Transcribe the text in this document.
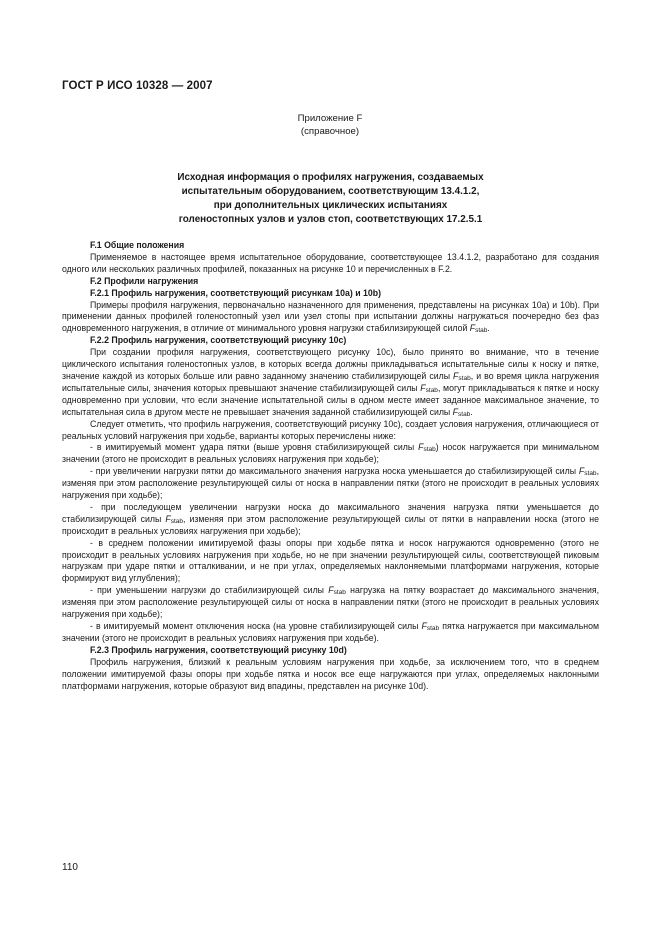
ГОСТ Р ИСО 10328 — 2007
Приложение F
(справочное)
Исходная информация о профилях нагружения, создаваемых
испытательным оборудованием, соответствующим 13.4.1.2,
при дополнительных циклических испытаниях
голеностопных узлов и узлов стоп, соответствующих 17.2.5.1

F.1 Общие положения

Применяемое в настоящее время испытательное оборудование, соответствующее 13.4.1.2, разработано для создания одного или нескольких различных профилей, показанных на рисунке 10 и перечисленных в F.2.

F.2 Профили нагружения

F.2.1 Профиль нагружения, соответствующий рисункам 10a) и 10b)

Примеры профиля нагружения, первоначально назначенного для применения, представлены на рисунках 10a) и 10b). При применении данных профилей голеностопный узел или узел стопы при испытании должны нагружаться поочередно без фаз одновременного нагружения, в отличие от минимального уровня нагрузки стабилизирующей силой $F_{stab}$.

F.2.2 Профиль нагружения, соответствующий рисунку 10c)

При создании профиля нагружения, соответствующего рисунку 10c), было принято во внимание, что в течение циклического испытания голеностопных узлов, в которых всегда должны прикладываться испытательные силы к носку и пятке, значение каждой из которых больше или равно заданному значению стабилизирующей силы $F_{stab}$, и во время цикла нагружения испытательные силы, значения которых превышают значение стабилизирующей силы $F_{stab}$, могут прикладываться к пятке и носку одновременно при условии, что если значение испытательной силы в одном месте имеет заданное максимальное значение, то испытательная сила в другом месте не превышает значения заданной стабилизирующей силы $F_{stab}$.

Следует отметить, что профиль нагружения, соответствующий рисунку 10c), создает условия нагружения, отличающиеся от реальных условий нагружения при ходьбе, варианты которых перечислены ниже:

- в имитируемый момент удара пятки (выше уровня стабилизирующей силы $F_{stab}$) носок нагружается при минимальном значении (этого не происходит в реальных условиях нагружения при ходьбе);

- при увеличении нагрузки пятки до максимального значения нагрузка носка уменьшается до стабилизирующей силы $F_{stab}$, изменяя при этом расположение результирующей силы от носка в направлении пятки (этого не происходит в реальных условиях нагружения при ходьбе);

- при последующем увеличении нагрузки носка до максимального значения нагрузка пятки уменьшается до стабилизирующей силы $F_{stab}$, изменяя при этом расположение результирующей силы от пятки в направлении носка (этого не происходит в реальных условиях нагружения при ходьбе);

- в среднем положении имитируемой фазы опоры при ходьбе пятка и носок нагружаются одновременно (этого не происходит в реальных условиях нагружения при ходьбе, но не при значении результирующей силы, соответствующей пиковым нагрузкам при ударе пятки и отталкивании, и не при углах, определяемых наклоняемыми платформами нагружения, которые формируют вид углубления);

- при уменьшении нагрузки до стабилизирующей силы $F_{stab}$ нагрузка на пятку возрастает до максимального значения, изменяя при этом расположение результирующей силы от носка в направлении пятки (этого не происходит в реальных условиях нагружения при ходьбе);

- в имитируемый момент отключения носка (на уровне стабилизирующей силы $F_{stab}$ пятка нагружается при максимальном значении (этого не происходит в реальных условиях нагружения при ходьбе).

F.2.3 Профиль нагружения, соответствующий рисунку 10d)

Профиль нагружения, близкий к реальным условиям нагружения при ходьбе, за исключением того, что в среднем положении имитируемой фазы опоры при ходьбе пятка и носок все еще нагружаются при углах, определяемых наклонными платформами нагружения, которые образуют вид впадины, представлен на рисунке 10d).

110
